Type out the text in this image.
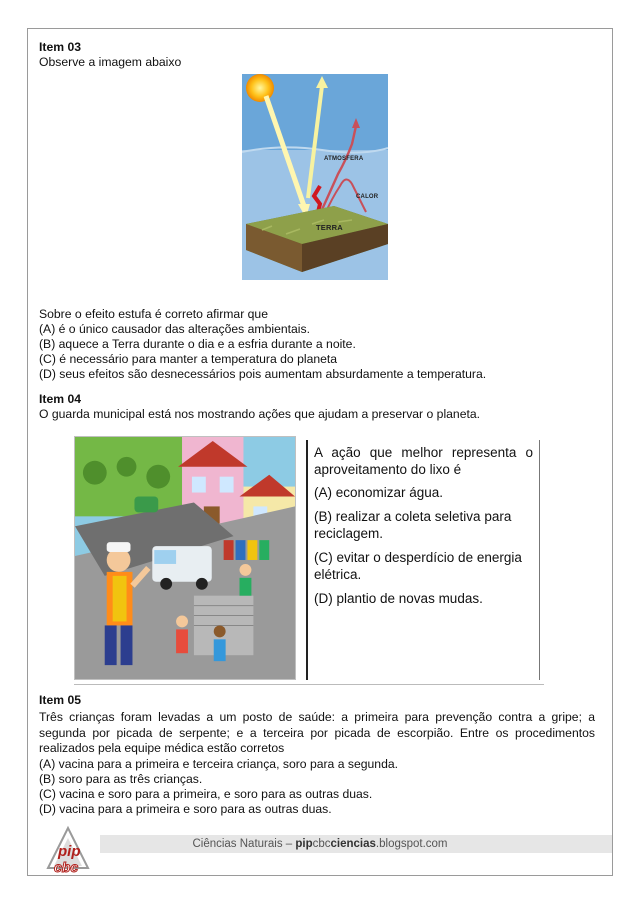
Item 03
Observe a imagem abaixo
ATMOSFERA
CALOR
TERRA
Sobre o efeito estufa é correto afirmar que
(A) é o único causador das alterações ambientais.
(B) aquece a Terra durante o dia e a esfria durante a noite.
(C) é necessário para manter a temperatura do planeta
(D) seus efeitos são desnecessários pois aumentam absurdamente a temperatura.
Item 04
O guarda municipal está nos mostrando ações que ajudam a preservar o planeta.
A ação que melhor representa o aproveitamento do lixo é
(A) economizar água.
(B) realizar a coleta seletiva para reciclagem.
(C) evitar o desperdício de energia elétrica.
(D) plantio de novas mudas.
Item 05
Três crianças foram levadas a um posto de saúde: a primeira para prevenção contra a gripe; a segunda por picada de serpente; e a terceira por picada de escorpião. Entre os procedimentos realizados pela equipe médica estão corretos
(A) vacina para a primeira e terceira criança, soro para a segunda.
(B) soro para as três crianças.
(C) vacina e soro para a primeira, e soro para as outras duas.
(D) vacina para a primeira e soro para as outras duas.
Ciências Naturais – pipcbcciencias.blogspot.com
pip
cbc
